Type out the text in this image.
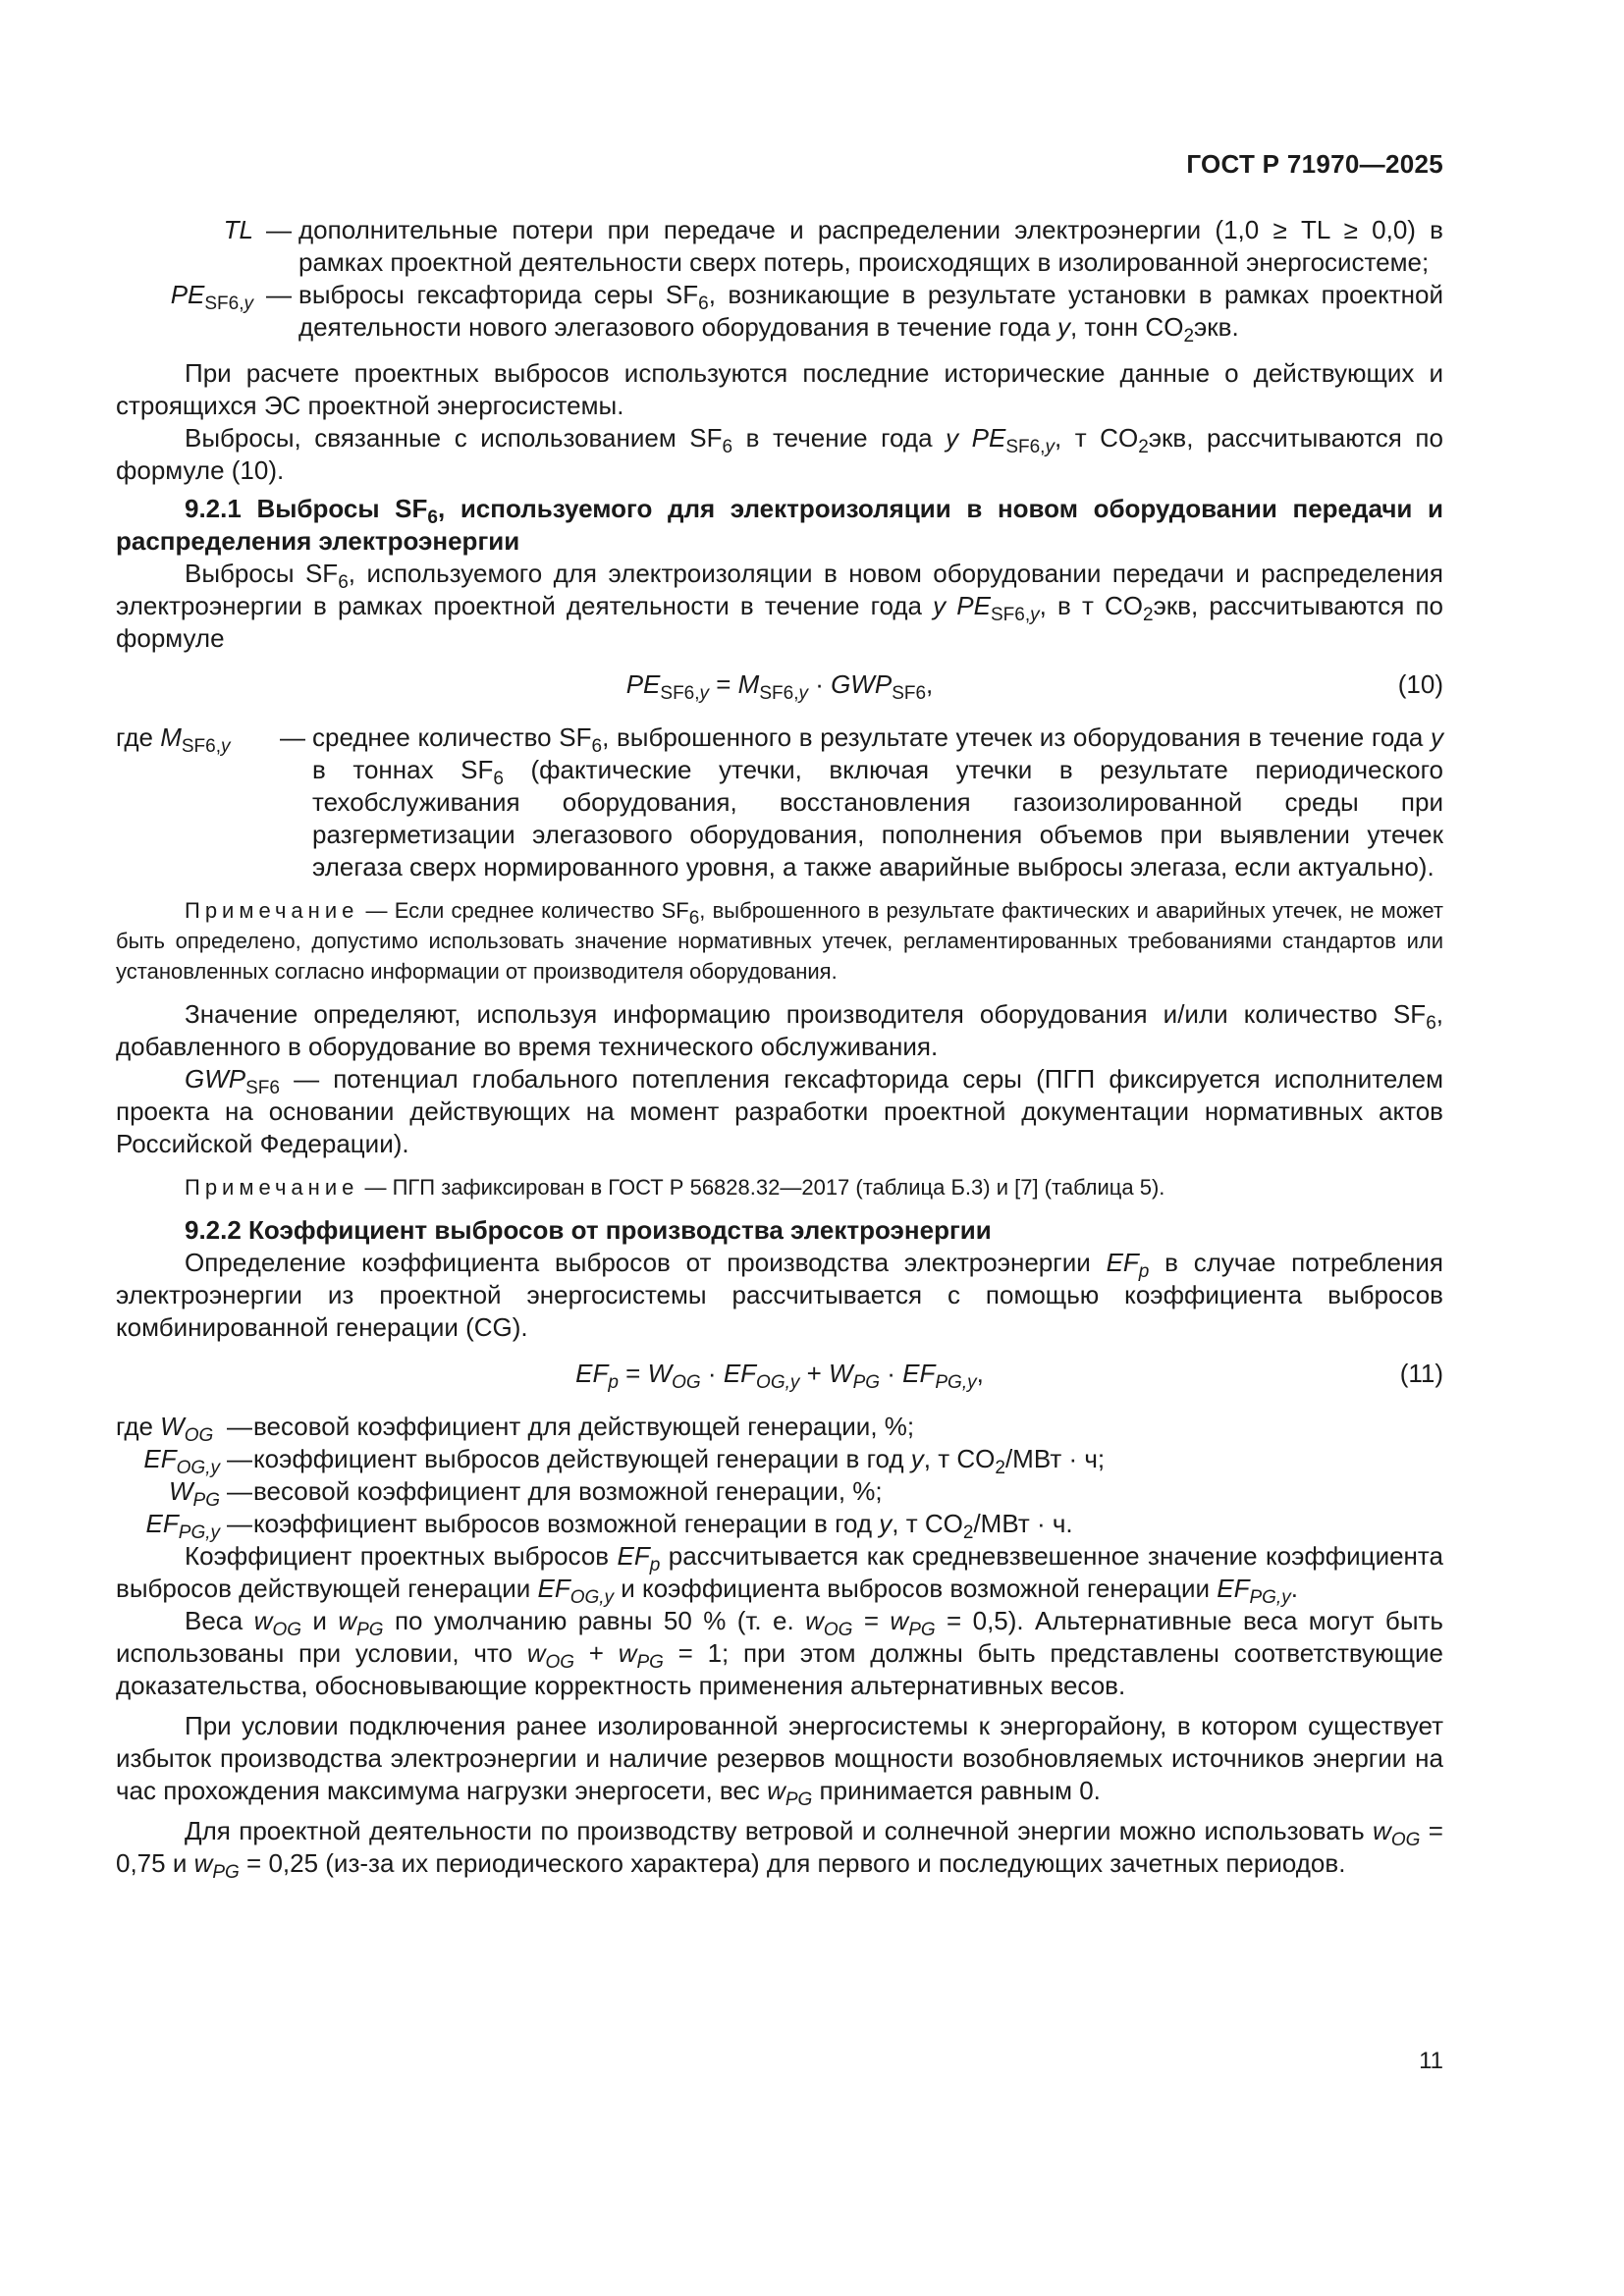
ГОСТ Р 71970—2025
TL — дополнительные потери при передаче и распределении электроэнергии (1,0 ≥ TL ≥ 0,0) в рамках проектной деятельности сверх потерь, происходящих в изолированной энергосистеме;
$PE_{SF6,y}$ — выбросы гексафторида серы $SF_6$, возникающие в результате установки в рамках проектной деятельности нового элегазового оборудования в течение года y, тонн $CO_2экв$.

При расчете проектных выбросов используются последние исторические данные о действующих и строящихся ЭС проектной энергосистемы.

Выбросы, связанные с использованием $SF_6$ в течение года y $PE_{SF6,y}$, т $CO_2экв$, рассчитываются по формуле (10).

9.2.1 Выбросы $SF_6$, используемого для электроизоляции в новом оборудовании передачи и распределения электроэнергии

Выбросы $SF_6$, используемого для электроизоляции в новом оборудовании передачи и распределения электроэнергии в рамках проектной деятельности в течение года y $PE_{SF6,y}$, в т $CO_2экв$, рассчитываются по формуле

$PE_{SF6,y} = M_{SF6,y} \cdot GWP_{SF6}$,	(10)
где $M_{SF6,y}$	— среднее количество $SF_6$, выброшенного в результате утечек из оборудования в течение года y в тоннах $SF_6$ (фактические утечки, включая утечки в результате периодического техобслуживания оборудования, восстановления газоизолированной среды при разгерметизации элегазового оборудования, пополнения объемов при выявлении утечек элегаза сверх нормированного уровня, а также аварийные выбросы элегаза, если актуально).

Примечание — Если среднее количество $SF_6$, выброшенного в результате фактических и аварийных утечек, не может быть определено, допустимо использовать значение нормативных утечек, регламентированных требованиями стандартов или установленных согласно информации от производителя оборудования.

Значение определяют, используя информацию производителя оборудования и/или количество $SF_6$, добавленного в оборудование во время технического обслуживания.

$GWP_{SF6}$ — потенциал глобального потепления гексафторида серы (ПГП фиксируется исполнителем проекта на основании действующих на момент разработки проектной документации нормативных актов Российской Федерации).

Примечание — ПГП зафиксирован в ГОСТ Р 56828.32—2017 (таблица Б.3) и [7] (таблица 5).

9.2.2 Коэффициент выбросов от производства электроэнергии

Определение коэффициента выбросов от производства электроэнергии $EF_p$ в случае потребления электроэнергии из проектной энергосистемы рассчитывается с помощью коэффициента выбросов комбинированной генерации (CG).

$EF_p = W_{OG} \cdot EF_{OG,y} + W_{PG} \cdot EF_{PG,y}$,	(11)
где $W_{OG}$ — весовой коэффициент для действующей генерации, %;
$EF_{OG,y}$ — коэффициент выбросов действующей генерации в год y, т $CO_2$/МВт · ч;
$W_{PG}$ — весовой коэффициент для возможной генерации, %;
$EF_{PG,y}$ — коэффициент выбросов возможной генерации в год y, т $CO_2$/МВт · ч.

Коэффициент проектных выбросов $EF_p$ рассчитывается как средневзвешенное значение коэффициента выбросов действующей генерации $EF_{OG,y}$ и коэффициента выбросов возможной генерации $EF_{PG,y}$.

Веса $w_{OG}$ и $w_{PG}$ по умолчанию равны 50 % (т. е. $w_{OG} = w_{PG} = 0,5$). Альтернативные веса могут быть использованы при условии, что $w_{OG} + w_{PG} = 1$; при этом должны быть представлены соответствующие доказательства, обосновывающие корректность применения альтернативных весов.

При условии подключения ранее изолированной энергосистемы к энергорайону, в котором существует избыток производства электроэнергии и наличие резервов мощности возобновляемых источников энергии на час прохождения максимума нагрузки энергосети, вес $w_{PG}$ принимается равным 0.

Для проектной деятельности по производству ветровой и солнечной энергии можно использовать $w_{OG} = 0,75$ и $w_{PG} = 0,25$ (из-за их периодического характера) для первого и последующих зачетных периодов.

11
